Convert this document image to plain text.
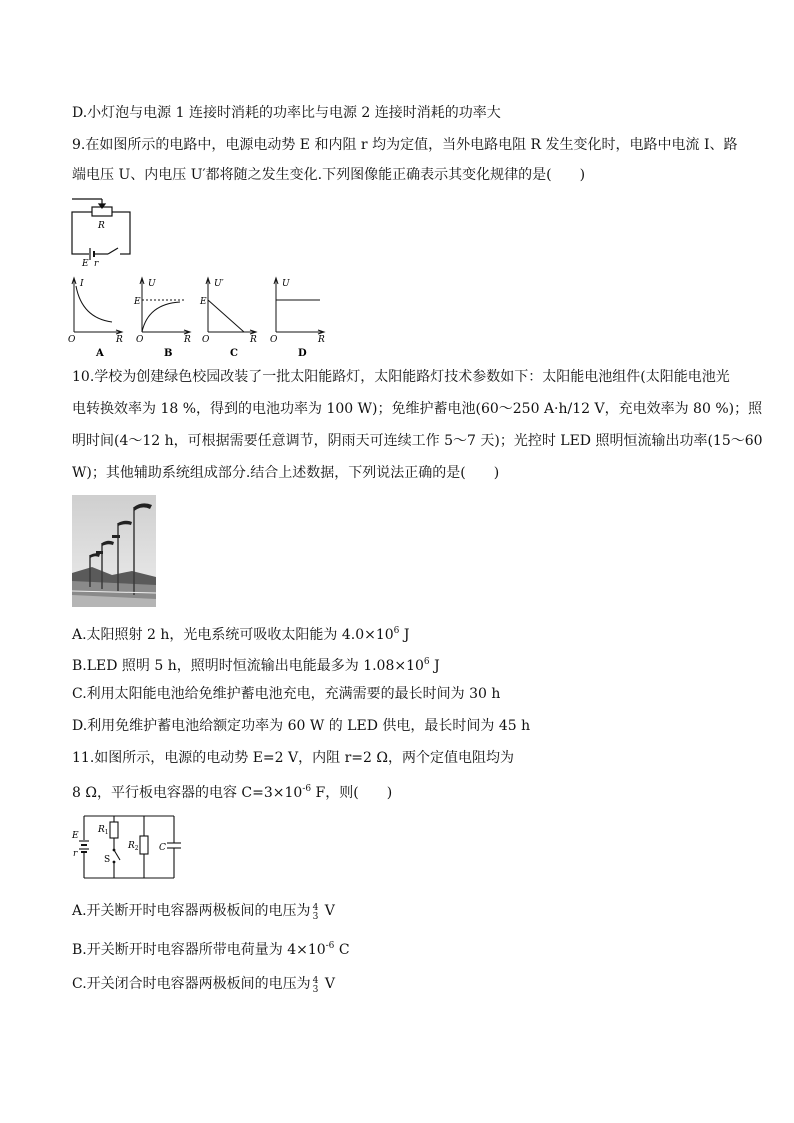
D.小灯泡与电源 1 连接时消耗的功率比与电源 2 连接时消耗的功率大
9.在如图所示的电路中，电源电动势 E 和内阻 r 均为定值，当外电路电阻 R 发生变化时，电路中电流 I、路
端电压 U、内电压 U′都将随之发生变化.下列图像能正确表示其变化规律的是(　　)
R
E r
I
R
O
A
U
E
R
O
B
U′
E
R
O
C
U
R
O
D
10.学校为创建绿色校园改装了一批太阳能路灯，太阳能路灯技术参数如下：太阳能电池组件(太阳能电池光
电转换效率为 18 %，得到的电池功率为 100 W)；免维护蓄电池(60～250 A·h/12 V，充电效率为 80 %)；照
明时间(4～12 h，可根据需要任意调节，阴雨天可连续工作 5～7 天)；光控时 LED 照明恒流输出功率(15～60
W)；其他辅助系统组成部分.结合上述数据，下列说法正确的是(　　)
A.太阳照射 2 h，光电系统可吸收太阳能为 $4.0\times 10^6$ J
B.LED 照明 5 h，照明时恒流输出电能最多为 $1.08\times 10^6$ J
C.利用太阳能电池给免维护蓄电池充电，充满需要的最长时间为 30 h
D.利用免维护蓄电池给额定功率为 60 W 的 LED 供电，最长时间为 45 h
11.如图所示，电源的电动势 E=2 V，内阻 r=2 Ω，两个定值电阻均为
8 Ω，平行板电容器的电容 $C=3\times 10^{-6}$ F，则(　　)
E
r
$R_1$
$R_2$
S
C
A.开关断开时电容器两极板间的电压为 4
3 V
B.开关断开时电容器所带电荷量为 $4\times 10^{-6}$ C
C.开关闭合时电容器两极板间的电压为 4
3 V
